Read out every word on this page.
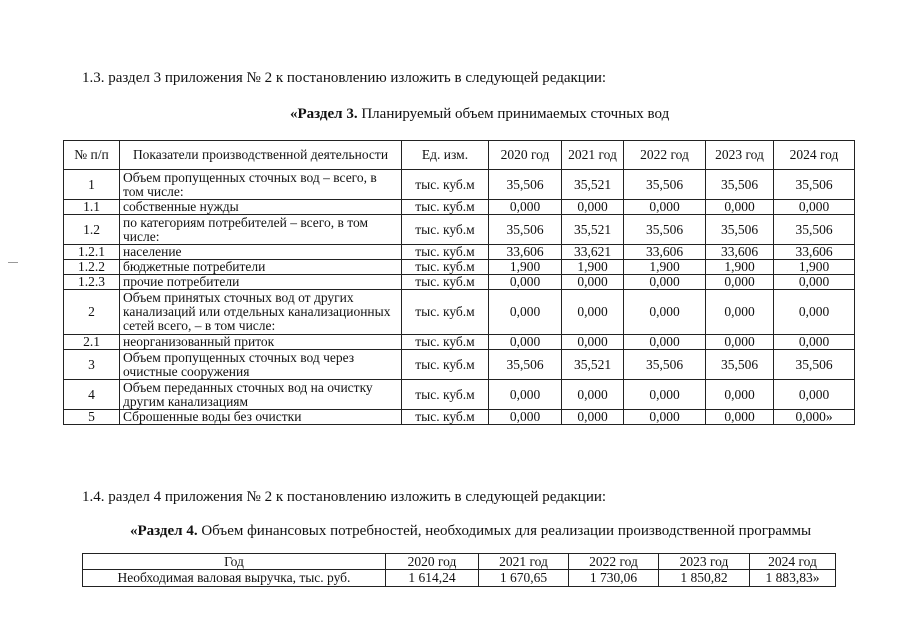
1.3. раздел 3 приложения № 2 к постановлению изложить в следующей редакции:
«Раздел 3. Планируемый объем принимаемых сточных вод
№ п/п	Показатели производственной деятельности	Ед. изм.	2020 год	2021 год	2022 год	2023 год	2024 год
1	Объем пропущенных сточных вод – всего, в том числе:	тыс. куб.м	35,506	35,521	35,506	35,506	35,506
1.1	собственные нужды	тыс. куб.м	0,000	0,000	0,000	0,000	0,000
1.2	по категориям потребителей – всего, в том числе:	тыс. куб.м	35,506	35,521	35,506	35,506	35,506
1.2.1	население	тыс. куб.м	33,606	33,621	33,606	33,606	33,606
1.2.2	бюджетные потребители	тыс. куб.м	1,900	1,900	1,900	1,900	1,900
1.2.3	прочие потребители	тыс. куб.м	0,000	0,000	0,000	0,000	0,000
2	Объем принятых сточных вод от других канализаций или отдельных канализационных сетей всего, – в том числе:	тыс. куб.м	0,000	0,000	0,000	0,000	0,000
2.1	неорганизованный приток	тыс. куб.м	0,000	0,000	0,000	0,000	0,000
3	Объем пропущенных сточных вод через очистные сооружения	тыс. куб.м	35,506	35,521	35,506	35,506	35,506
4	Объем переданных сточных вод на очистку другим канализациям	тыс. куб.м	0,000	0,000	0,000	0,000	0,000
5	Сброшенные воды без очистки	тыс. куб.м	0,000	0,000	0,000	0,000	0,000»
1.4. раздел 4 приложения № 2 к постановлению изложить в следующей редакции:
«Раздел 4. Объем финансовых потребностей, необходимых для реализации производственной программы
Год	2020 год	2021 год	2022 год	2023 год	2024 год
Необходимая валовая выручка, тыс. руб.	1 614,24	1 670,65	1 730,06	1 850,82	1 883,83»
